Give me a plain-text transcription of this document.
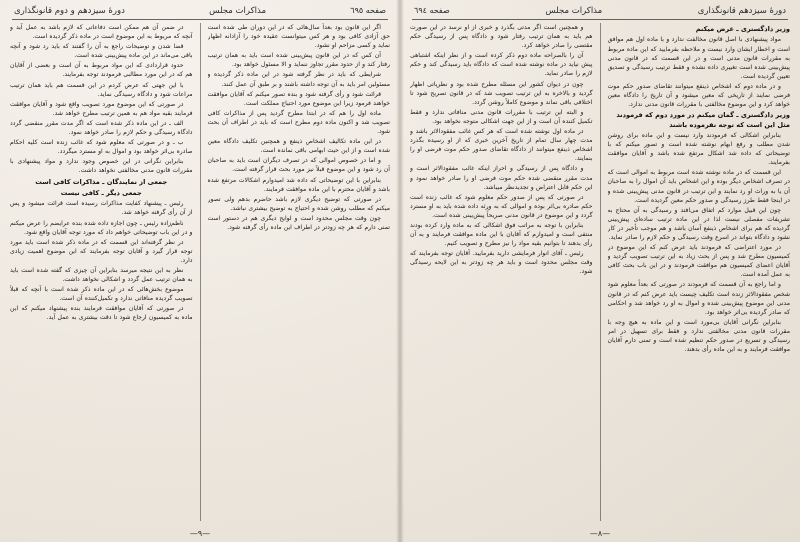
دورۀ سیزدهم قانونگذاری
مذاکرات مجلس
صفحه ٦٩٤
وزیر دادگستری ـ عرض میکنم

مواد پیشنهادی با اصل قانون مخالفت ندارد و با ماده اول هم موافق است و اخطار ایشان وارد نیست و ملاحظه بفرمایید که این ماده مربوط به مقررات قانون مدنی است و در این قسمت که در قانون مدنی پیش‌بینی شده است تغییری داده نشده و فقط ترتیب رسیدگی و تصدیق تعیین گردیده است.

و در ماده دوم که اشخاص ذینفع میتوانند تقاضای صدور حکم موت فرضی نمایند از تاریخی که معین میشود و آن تاریخ را دادگاه معین خواهد کرد و این موضوع مخالفتی با مقررات قانون مدنی ندارد.

وزیر دادگستری ـ گمان میکنم در مورد دوم که فرمودند مثل این است که توجه نفرموده باشند

بنابراین اشکالی که فرمودند وارد نیست و این ماده برای روشن شدن مطلب و رفع ابهام نوشته شده است و تصور میکنم که با توضیحاتی که داده شد اشکال مرتفع شده باشد و آقایان موافقت بفرمایند.

این قسمت که در ماده نوشته شده است مربوط به اموالی است که در تصرف اشخاص دیگر بوده و این اشخاص باید آن اموال را به صاحبان آن یا به وراث او رد نمایند و این ترتیب در قانون مدنی پیش‌بینی شده و در اینجا فقط طرز رسیدگی و صدور حکم معین گردیده است.

چون این قبیل موارد کم اتفاق می‌افتد و رسیدگی به آن محتاج به تشریفات مفصلی نیست لذا در این ماده ترتیب ساده‌ای پیش‌بینی گردیده که هم برای اشخاص ذینفع آسان باشد و هم موجب تأخیر در کار نشود و دادگاه بتواند در اسرع وقت رسیدگی و حکم لازم را صادر نماید.

در مورد اعتراضی که فرمودند باید عرض کنم که این موضوع در کمیسیون مطرح شد و پس از بحث زیاد به این ترتیب تصویب گردید و آقایان اعضای کمیسیون هم موافقت فرمودند و در این باب بحث کافی به عمل آمده است.

و اما راجع به آن قسمت که فرمودند در صورتی که بعداً معلوم شود شخص مفقودالاثر زنده است تکلیف چیست باید عرض کنم که در قانون مدنی این موضوع پیش‌بینی شده و اموال به او رد خواهد شد و احکامی که صادر گردیده بی‌اثر خواهد بود.

بنابراین نگرانی آقایان بی‌مورد است و این ماده به هیچ وجه با مقررات قانون مدنی مخالفتی ندارد و فقط برای تسهیل در امر رسیدگی و تسریع در صدور حکم تنظیم شده است و تمنی دارم آقایان موافقت فرمایند و به این ماده رأی بدهند.

و همچنین است اگر مدتی بگذرد و خبری از او نرسد در این صورت هم باید به همان ترتیب رفتار شود و دادگاه پس از رسیدگی حکم مقتضی را صادر خواهد کرد.

آن را بالصراحه ماده دوم ذکر کرده است و از نظر اینکه اشتباهی پیش نیاید در ماده نوشته شده است که دادگاه باید رسیدگی کند و حکم لازم را صادر نماید.

چون در دیوان کشور این مسئله مطرح شده بود و نظریاتی اظهار گردید و بالاخره به این ترتیب تصویب شد که در قانون تصریح شود تا اختلافی باقی نماند و موضوع کاملاً روشن گردد.

و البته این ترتیب با مقررات قانون مدنی منافاتی ندارد و فقط تکمیل کننده آن است و از این جهت اشکالی متوجه نخواهد بود.

در ماده اول نوشته شده است که هر کس غائب مفقودالاثر باشد و مدت چهار سال تمام از تاریخ آخرین خبری که از او رسیده بگذرد اشخاص ذینفع میتوانند از دادگاه تقاضای صدور حکم موت فرضی او را بنمایند.

و دادگاه پس از رسیدگی و احراز اینکه غائب مفقودالاثر است و مدت مقرر منقضی شده حکم موت فرضی او را صادر خواهد نمود و این حکم قابل اعتراض و تجدیدنظر میباشد.

در صورتی که پس از صدور حکم معلوم شود که غائب زنده است حکم صادره بی‌اثر بوده و اموالی که به ورثه داده شده باید به او مسترد گردد و این موضوع در قانون مدنی صریحاً پیش‌بینی شده است.

بنابراین با توجه به مراتب فوق اشکالی که به ماده وارد کرده بودند منتفی است و امیدوارم که آقایان با این ماده موافقت فرمایند و به آن رأی بدهند تا بتوانیم بقیه مواد را نیز مطرح و تصویب کنیم.

رئیس ـ آقای انوار فرمایشی دارید بفرمایید. آقایان توجه بفرمایند که وقت مجلس محدود است و باید هر چه زودتر به این لایحه رسیدگی شود.

—٨—
صفحه ٦٩٥
مذاکرات مجلس
دورۀ سیزدهم و دوم قانونگذاری

اگر این قانون بود بعداً سال‌هائی که در این دوران طی شده است حق آزادی کافی بود و هر کس میتوانست عقیده خود را آزادانه اظهار نماید و کسی مزاحم او نشود.

آن کس که در این قانون پیش‌بینی شده است باید به همان ترتیب رفتار کند و از حدود مقرر تجاوز ننماید و الا مسئول خواهد بود.

شرایطی که باید در نظر گرفته شود در این ماده ذکر گردیده و مسئولین امر باید به آن توجه داشته باشند و بر طبق آن عمل کنند.

قرائت شود و رأی گرفته شود و بنده تصور میکنم که آقایان موافقت خواهند فرمود زیرا این موضوع مورد احتیاج مملکت است.

ماده اول را هم که در ابتدا مطرح گردید پس از مذاکرات کافی تصویب شد و اکنون ماده دوم مطرح است که باید در اطراف آن بحث شود.

در این ماده تکالیف اشخاص ذینفع و همچنین تکلیف دادگاه معین شده است و از این حیث ابهامی باقی نمانده است.

و اما در خصوص اموالی که در تصرف دیگران است باید به صاحبان آن رد شود و این موضوع قبلاً نیز مورد بحث قرار گرفته است.

بنابراین با این توضیحاتی که داده شد امیدوارم اشکالات مرتفع شده باشد و آقایان محترم با این ماده موافقت فرمایند.

در صورتی که توضیح دیگری لازم باشد حاضرم بدهم ولی تصور میکنم که مطلب روشن شده و احتیاج به توضیح بیشتری نباشد.

چون وقت مجلس محدود است و لوایح دیگری هم در دستور است تمنی دارم که هر چه زودتر در اطراف این ماده رأی گرفته شود.

در ضمن آن هم ممکن است دفاعاتی که لازم باشد به عمل آید و آنچه که مربوط به این موضوع است در ماده ذکر گردیده است.

قضا شدن و توضیحات راجع به آن را گفتند که باید رد شود و آنچه باقی می‌ماند در این ماده پیش‌بینی شده است.

حدود قراردادی که این مواد مربوط به آن است و بعضی از آقایان هم که در این مورد مطالبی فرمودند توجه بفرمایند.

با این جهتی که عرض کردم در این قسمت هم باید همان ترتیب مراعات شود و دادگاه رسیدگی نماید.

در صورتی که این موضوع مورد تصویب واقع شود و آقایان موافقت فرمایند بقیه مواد هم به همین ترتیب مطرح خواهد شد.

الف ـ در این ماده ذکر شده است که اگر مدت مقرر منقضی گردد دادگاه رسیدگی و حکم لازم را صادر خواهد نمود.

ب ـ و در صورتی که معلوم شود که غائب زنده است کلیه احکام صادره بی‌اثر خواهد بود و اموال به او مسترد میگردد.

بنابراین نگرانی در این خصوص وجود ندارد و مواد پیشنهادی با مقررات قانون مدنی مخالفتی نخواهد داشت.

جمعی از نمایندگان ـ مذاکرات کافی است
جمعی دیگر ـ کافی نیست

رئیس ـ پیشنهاد کفایت مذاکرات رسیده است قرائت میشود و پس از آن رأی گرفته خواهد شد.

ناظم‌زاده رئیس ـ چون اجازه داده شده بنده عرایضم را عرض میکنم و در این باب توضیحاتی خواهم داد که مورد توجه آقایان واقع شود.

در نظر گرفته‌اند این قسمت که در ماده ذکر شده است باید مورد توجه قرار گیرد و آقایان توجه بفرمایند که این موضوع اهمیت زیادی دارد.

نظر به این نتیجه میرسد بنابراین آن چیزی که گفته شده است باید به همان ترتیب عمل گردد و اشکالی نخواهد داشت.

موضوع بخش‌هائی که در این ماده ذکر شده است با آنچه که قبلاً تصویب گردیده منافاتی ندارد و تکمیل‌کننده آن است.

در صورتی که آقایان موافقت فرمایند بنده پیشنهاد میکنم که این ماده به کمیسیون ارجاع شود تا دقت بیشتری به عمل آید.

—٩—
